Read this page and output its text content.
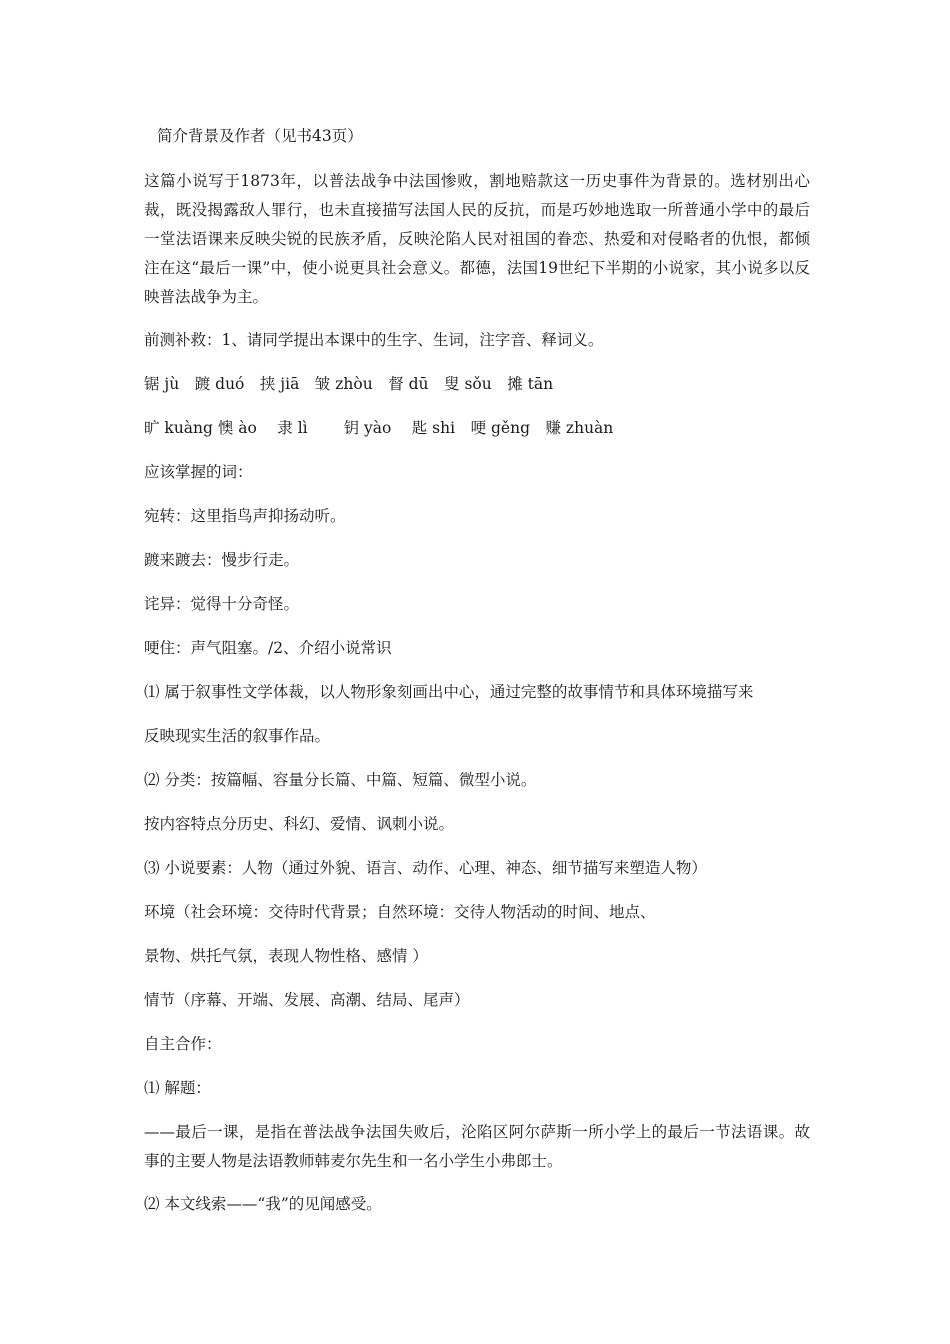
简介背景及作者（见书43页）

这篇小说写于1873年，以普法战争中法国惨败，割地赔款这一历史事件为背景的。选材别出心裁，既没揭露敌人罪行，也未直接描写法国人民的反抗，而是巧妙地选取一所普通小学中的最后一堂法语课来反映尖锐的民族矛盾，反映沦陷人民对祖国的眷恋、热爱和对侵略者的仇恨，都倾注在这“最后一课”中，使小说更具社会意义。都德，法国19世纪下半期的小说家，其小说多以反映普法战争为主。

前测补救：1、请同学提出本课中的生字、生词，注字音、释词义。

锯 jù　踱 duó　挟 jiā　皱 zhòu　督 dū　叟 sǒu　摊 tān

旷 kuàng 懊 ào　 隶 lì　　 钥 yào　 匙 shi　哽 gěng　赚 zhuàn

应该掌握的词：

宛转：这里指鸟声抑扬动听。

踱来踱去：慢步行走。

诧异：觉得十分奇怪。

哽住：声气阻塞。/2、介绍小说常识

⑴ 属于叙事性文学体裁，以人物形象刻画出中心，通过完整的故事情节和具体环境描写来

反映现实生活的叙事作品。

⑵ 分类：按篇幅、容量分长篇、中篇、短篇、微型小说。

按内容特点分历史、科幻、爱情、讽刺小说。

⑶ 小说要素：人物（通过外貌、语言、动作、心理、神态、细节描写来塑造人物）

环境（社会环境：交待时代背景；自然环境：交待人物活动的时间、地点、

景物、烘托气氛，表现人物性格、感情 ）

情节（序幕、开端、发展、高潮、结局、尾声）

自主合作：

⑴ 解题：

——最后一课，是指在普法战争法国失败后，沦陷区阿尔萨斯一所小学上的最后一节法语课。故事的主要人物是法语教师韩麦尔先生和一名小学生小弗郎士。

⑵ 本文线索——“我”的见闻感受。
